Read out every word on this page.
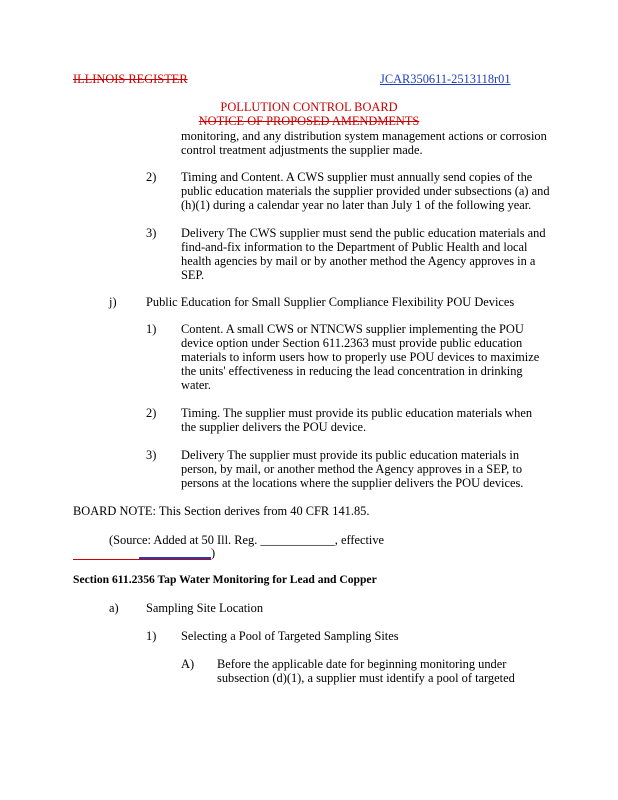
ILLINOIS REGISTER	JCAR350611-2513118r01
POLLUTION CONTROL BOARD
NOTICE OF PROPOSED AMENDMENTS

monitoring, and any distribution system management actions or corrosion

control treatment adjustments the supplier made.

2) Timing and Content. A CWS supplier must annually send copies of the

public education materials the supplier provided under subsections (a) and

(h)(1) during a calendar year no later than July 1 of the following year.

3) Delivery The CWS supplier must send the public education materials and

find-and-fix information to the Department of Public Health and local

health agencies by mail or by another method the Agency approves in a

SEP.

j) Public Education for Small Supplier Compliance Flexibility POU Devices
1) Content. A small CWS or NTNCWS supplier implementing the POU

device option under Section 611.2363 must provide public education

materials to inform users how to properly use POU devices to maximize

the units' effectiveness in reducing the lead concentration in drinking

water.

2) Timing. The supplier must provide its public education materials when

the supplier delivers the POU device.

3) Delivery The supplier must provide its public education materials in

person, by mail, or another method the Agency approves in a SEP, to

persons at the locations where the supplier delivers the POU devices.

BOARD NOTE: This Section derives from 40 CFR 141.85.
(Source: Added at 50 Ill. Reg. ____________, effective
)
Section 611.2356 Tap Water Monitoring for Lead and Copper
a) Sampling Site Location
1) Selecting a Pool of Targeted Sampling Sites
A) Before the applicable date for beginning monitoring under

subsection (d)(1), a supplier must identify a pool of targeted
